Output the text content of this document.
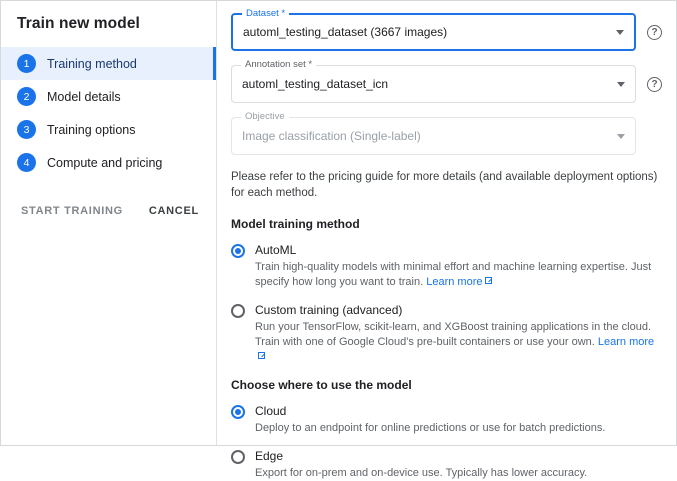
Train new model
1	Training method
2	Model details
3	Training options
4	Compute and pricing
START TRAINING CANCEL
Dataset *
automl_testing_dataset (3667 images)	?
Annotation set *
automl_testing_dataset_icn	?
Objective
Image classification (Single-label)
Please refer to the pricing guide for more details (and available deployment options) for each method.
Model training method
AutoML
Train high-quality models with minimal effort and machine learning expertise. Just specify how long you want to train. Learn more
Custom training (advanced)
Run your TensorFlow, scikit-learn, and XGBoost training applications in the cloud. Train with one of Google Cloud's pre-built containers or use your own. Learn more
Choose where to use the model
Cloud
Deploy to an endpoint for online predictions or use for batch predictions.
Edge
Export for on-prem and on-device use. Typically has lower accuracy.
